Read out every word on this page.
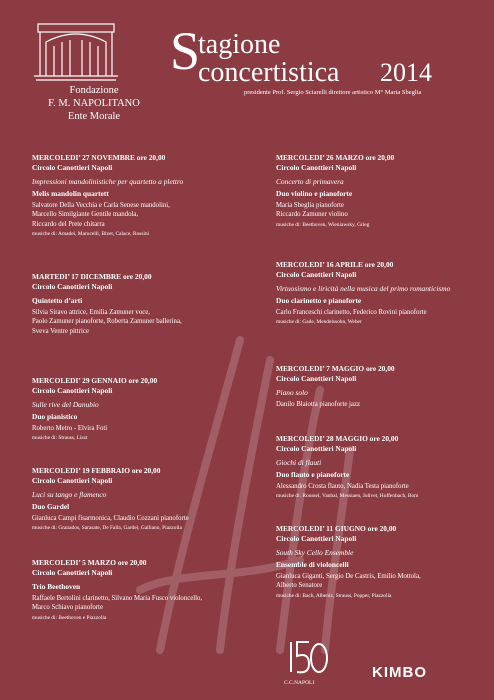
Fondazione
F. M. NAPOLITANO
Ente Morale
S
tagione
concertistica 2014
presidente Prof. Sergio Sciarelli direttore artistico M° Maria Sbeglia
MERCOLEDI’ 27 NOVEMBRE ore 20,00
Circolo Canottieri Napoli
Impressioni mandolinistiche per quartetto a plettro
Melis mandolin quartett
Salvatore Della Vecchia e Carla Senese mandolini,
Marcello Similgiante Gentile mandola,
Riccardo del Prete chitarra
musiche di: Amadei, Marucelli, Bizet, Calace, Rossini
MARTEDI’ 17 DICEMBRE ore 20,00
Circolo Canottieri Napoli
Quintetto d’arti
Silvia Siravo attrice, Emilia Zamuner voce,
Paolo Zamuner pianoforte, Roberta Zamuner ballerina,
Sveva Ventre pittrice
MERCOLEDI’ 29 GENNAIO ore 20,00
Circolo Canottieri Napoli
Sulle rive del Danubio
Duo pianistico
Roberto Metro - Elvira Foti
musiche di: Strauss, Liszt
MERCOLEDI’ 19 FEBBRAIO ore 20,00
Circolo Canottieri Napoli
Luci su tango e flamenco
Duo Gardel
Gianluca Campi fisarmonica, Claudio Cozzani pianoforte
musiche di: Granados, Sarasate, De Falla, Gardel, Galliano, Piazzolla
MERCOLEDI’ 5 MARZO ore 20,00
Circolo Canottieri Napoli
Trio Beethoven
Raffaele Bertolini clarinetto, Silvano Maria Fusco violoncello,
Marco Schiavo pianoforte
musiche di: Beethoven e Piazzolla
MERCOLEDI’ 26 MARZO ore 20,00
Circolo Canottieri Napoli
Concerto di primavera
Duo violino e pianoforte
Maria Sbeglia pianoforte
Riccardo Zamuner violino
musiche di: Beethoven, Wieniawsky, Grieg
MERCOLEDI’ 16 APRILE ore 20,00
Circolo Canottieri Napoli
Virtuosismo e liricità nella musica del primo romanticismo
Duo clarinetto e pianoforte
Carlo Franceschi clarinetto, Federico Rovini pianoforte
musiche di: Gade, Mendelssohn, Weber
MERCOLEDI’ 7 MAGGIO ore 20,00
Circolo Canottieri Napoli
Piano solo
Danilo Blaiotta pianoforte jazz
MERCOLEDI’ 28 MAGGIO ore 20,00
Circolo Canottieri Napoli
Giochi di flauti
Duo flauto e pianoforte
Alessandro Crosta flauto, Nadia Testa pianoforte
musiche di: Roussel, Vanhal, Messiaen, Jolivet, Hoffenbach, Bom
MERCOLEDI’ 11 GIUGNO ore 20,00
Circolo Canottieri Napoli
South Sky Cello Ensemble
Ensemble di violoncelli
Gianluca Giganti, Sergio De Castris, Emilio Mottola,
Alberto Senatore
musiche di: Bach, Albeniz, Strauss, Popper, Piazzolla
C.C.NAPOLI
KIMBO
